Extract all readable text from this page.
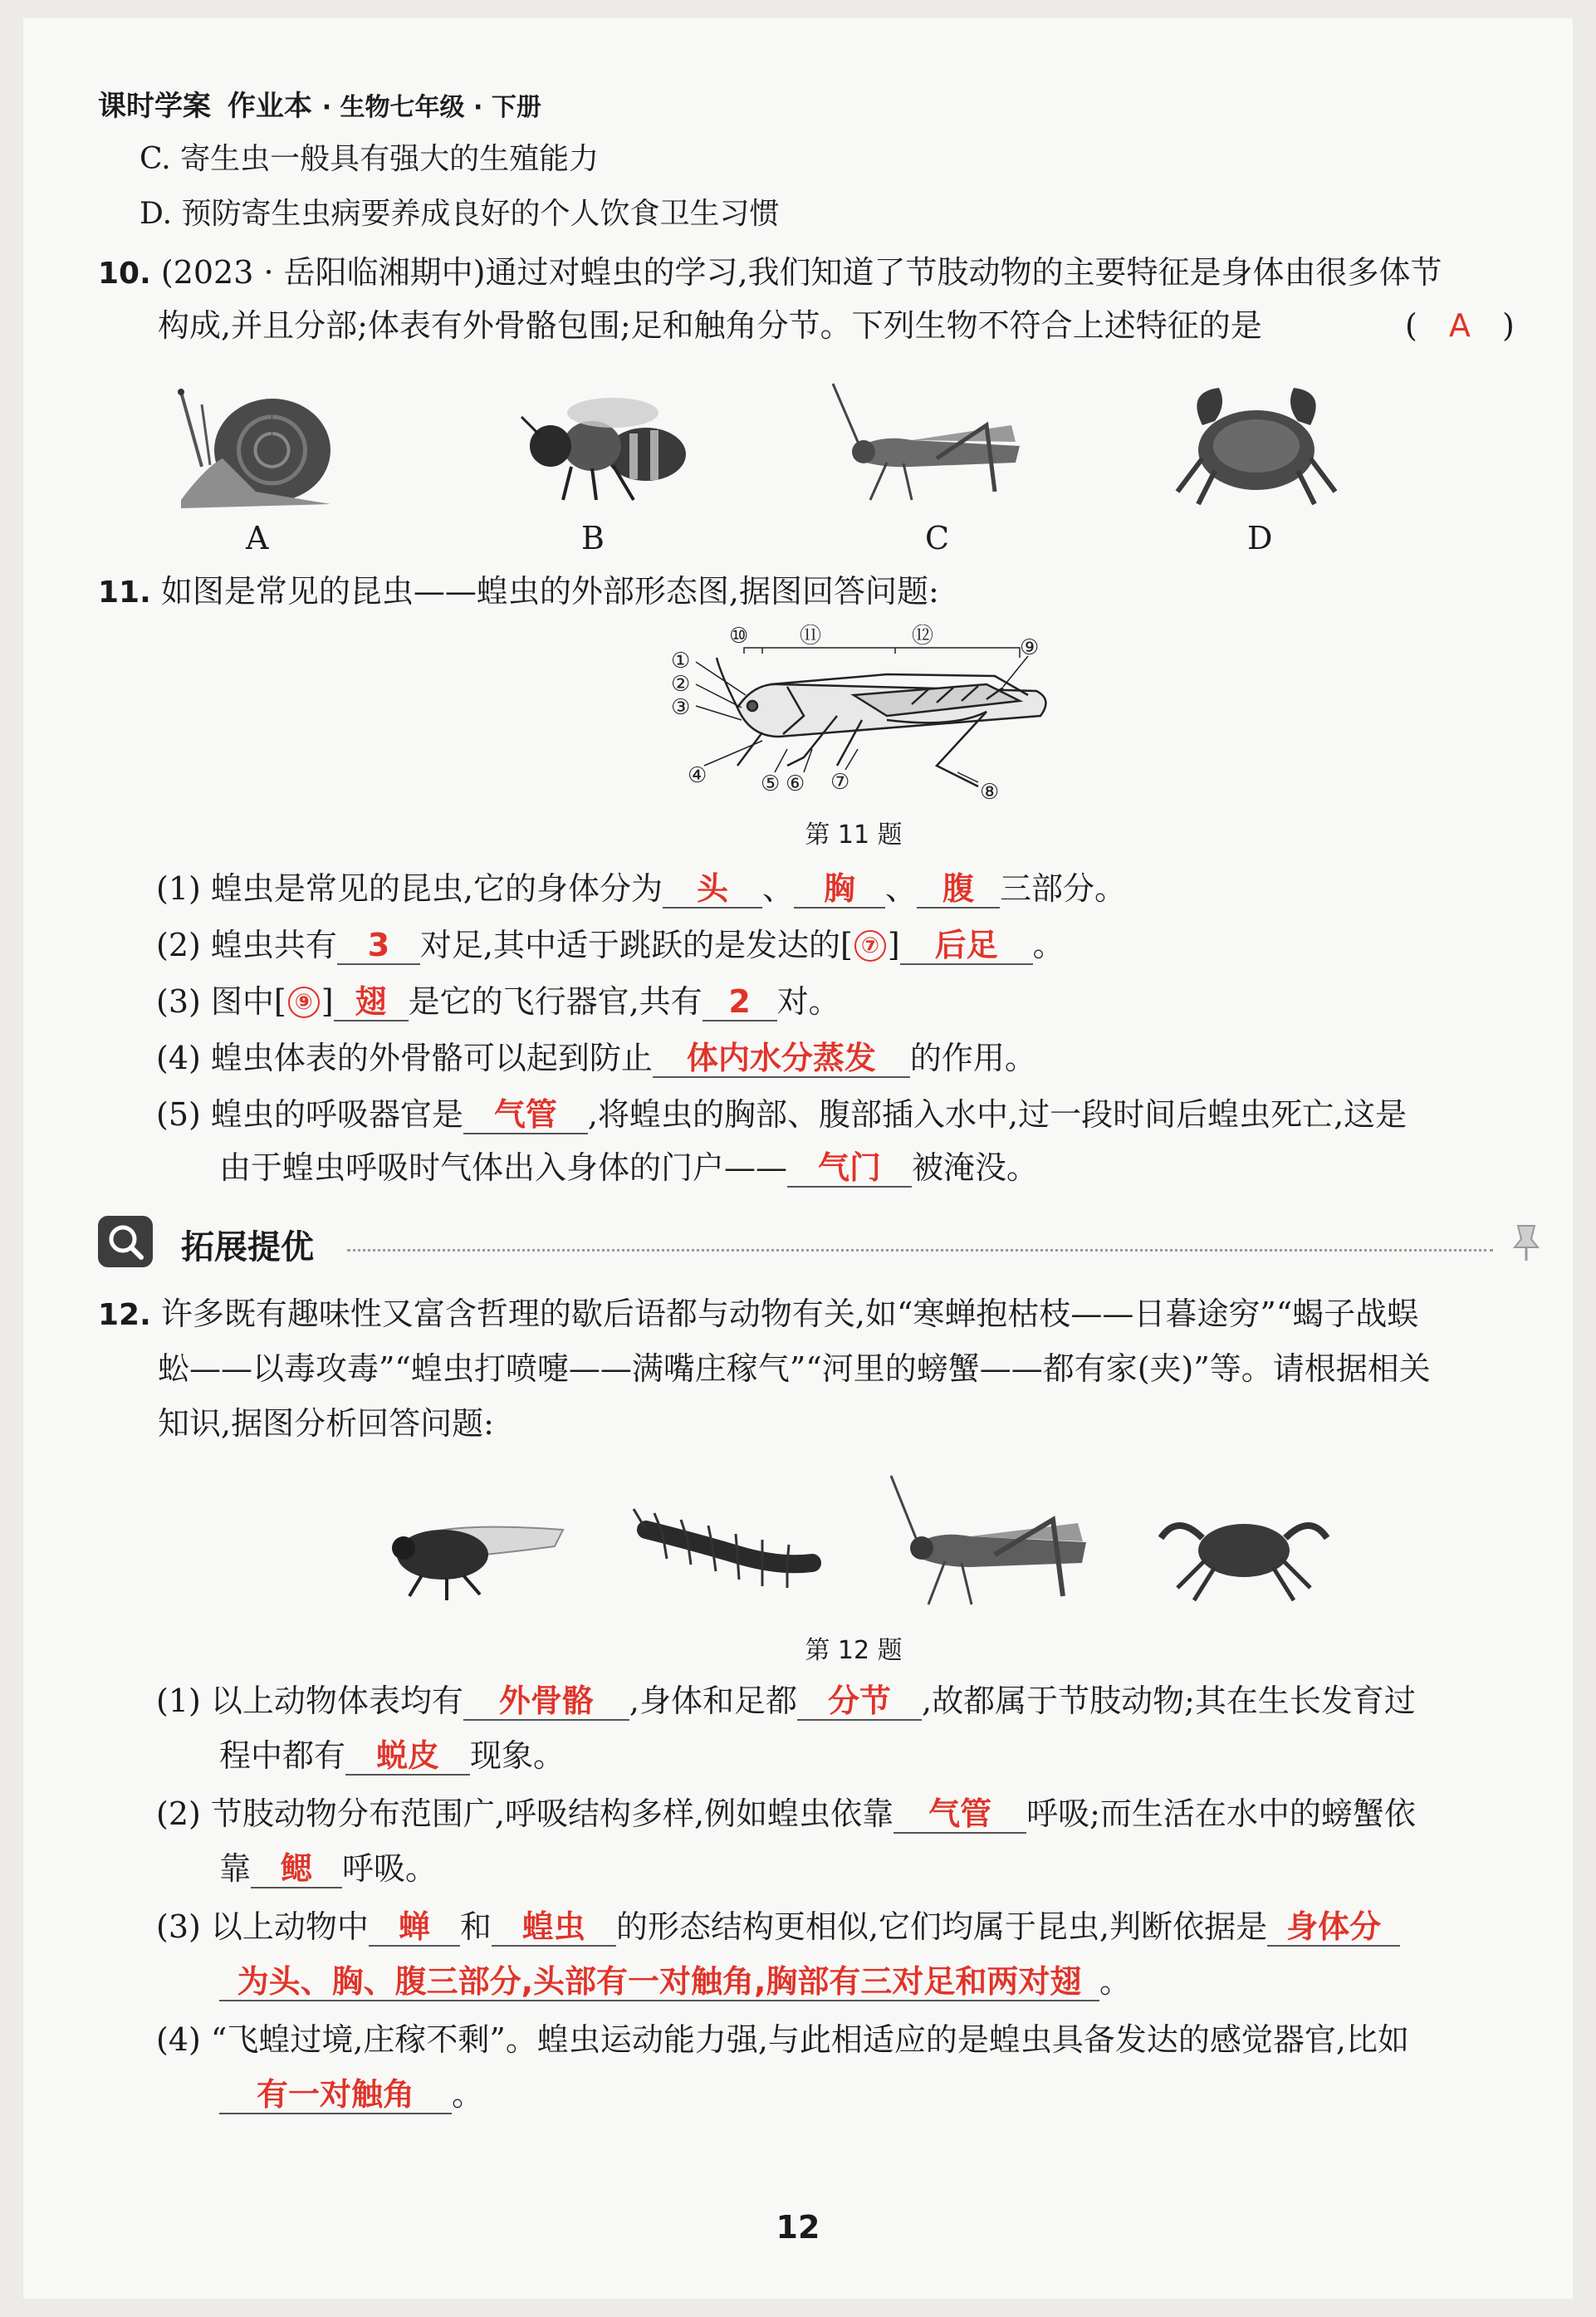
课时学案 作业本 · 生物七年级 · 下册
C. 寄生虫一般具有强大的生殖能力
D. 预防寄生虫病要养成良好的个人饮食卫生习惯
10. (2023 · 岳阳临湘期中)通过对蝗虫的学习,我们知道了节肢动物的主要特征是身体由很多体节
构成,并且分部;体表有外骨骼包围;足和触角分节。下列生物不符合上述特征的是	( A )
A	B	C	D
11. 如图是常见的昆虫——蝗虫的外部形态图,据图回答问题:
①
②
③
④ ⑤ ⑥ ⑦	⑧
⑨
⑩ ⑪	⑫
第 11 题
(1) 蝗虫是常见的昆虫,它的身体分为 头 、 胸 、 腹 三部分。
(2) 蝗虫共有 3 对足,其中适于跳跃的是发达的[ ⑦ ] 后足 。
(3) 图中[ ⑨ ] 翅 是它的飞行器官,共有 2 对。
(4) 蝗虫体表的外骨骼可以起到防止 体内水分蒸发 的作用。
(5) 蝗虫的呼吸器官是 气管 ,将蝗虫的胸部、腹部插入水中,过一段时间后蝗虫死亡,这是
由于蝗虫呼吸时气体出入身体的门户—— 气门 被淹没。
拓展提优
12. 许多既有趣味性又富含哲理的歇后语都与动物有关,如“寒蝉抱枯枝——日暮途穷”“蝎子战蜈
蚣——以毒攻毒”“蝗虫打喷嚏——满嘴庄稼气”“河里的螃蟹——都有家(夹)”等。请根据相关
知识,据图分析回答问题:
第 12 题
(1) 以上动物体表均有 外骨骼 ,身体和足都 分节 ,故都属于节肢动物;其在生长发育过
程中都有 蜕皮 现象。
(2) 节肢动物分布范围广,呼吸结构多样,例如蝗虫依靠 气管 呼吸;而生活在水中的螃蟹依
靠 鳃 呼吸。
(3) 以上动物中 蝉 和 蝗虫 的形态结构更相似,它们均属于昆虫,判断依据是 身体分
为头、胸、腹三部分,头部有一对触角,胸部有三对足和两对翅 。
(4) “飞蝗过境,庄稼不剩”。蝗虫运动能力强,与此相适应的是蝗虫具备发达的感觉器官,比如
有一对触角 。
12
